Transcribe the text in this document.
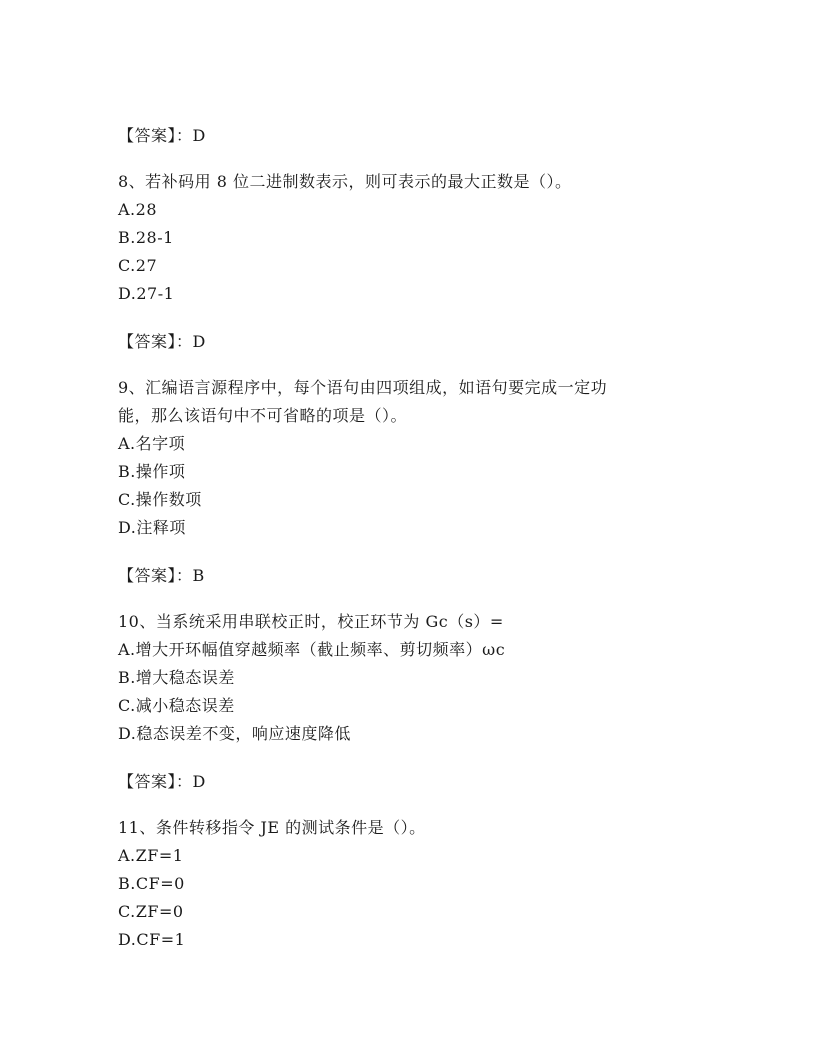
【答案】：D
8、若补码用 8 位二进制数表示，则可表示的最大正数是（）。
A.28
B.28-1
C.27
D.27-1
【答案】：D
9、汇编语言源程序中，每个语句由四项组成，如语句要完成一定功
能，那么该语句中不可省略的项是（）。
A.名字项
B.操作项
C.操作数项
D.注释项
【答案】：B
10、当系统采用串联校正时，校正环节为 Gc（s）=
A.增大开环幅值穿越频率（截止频率、剪切频率）ωc
B.增大稳态误差
C.减小稳态误差
D.稳态误差不变，响应速度降低
【答案】：D
11、条件转移指令 JE 的测试条件是（）。
A.ZF=1
B.CF=0
C.ZF=0
D.CF=1
